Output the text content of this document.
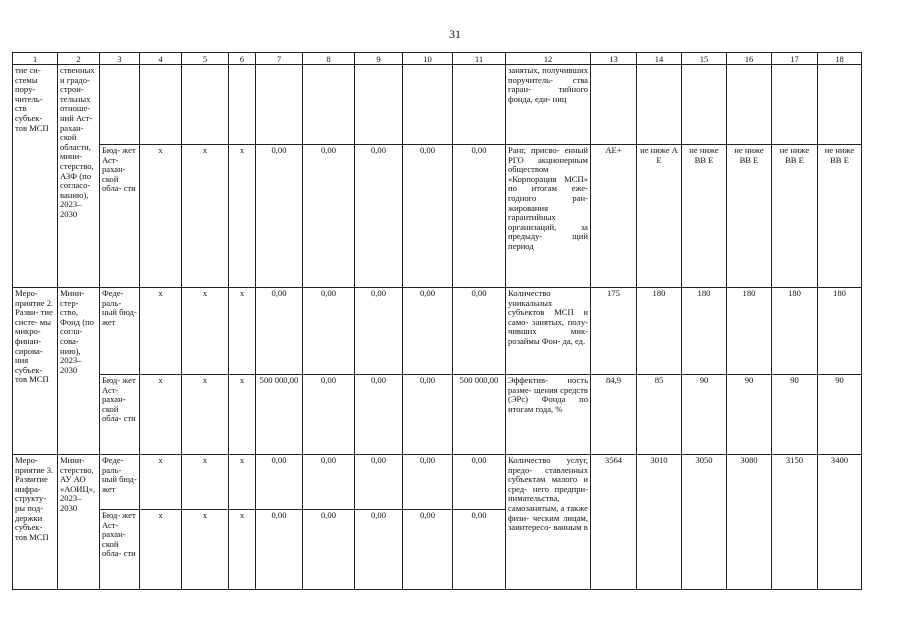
31
1	2	3	4	5	6	7	8	9	10	11	12	13	14	15	16	17	18
тие си- стемы пору- читель- ств субъек- тов МСП	ственных и градо- строи- тельных отноше- ний Аст- рахан- ской области, мини- стерство, АЗФ (по согласо- ванию), 2023–2030										занятых, получивших поручитель- ства гаран- тийного фонда, еди- ниц						
		Бюд- жет Аст- рахан- ской обла- сти	x	x	x	0,00	0,00	0,00	0,00	0,00	Ранг, присво- енный РГО акционерным обществом «Корпорация МСП» по итогам еже- годного ран- жирования гарантийных организаций, за предыду- щий период	AE+	не ниже А Е	не ниже ВВ Е	не ниже ВВ Е	не ниже ВВ Е	не ниже ВВ Е
Меро- приятие 2. Разви- тие систе- мы микро- финан- сирова- ния субъек- тов МСП	Мини- стер- ство, Фонд (по согла- сова- нию), 2023– 2030	Феде- раль- ный бюд- жет	x	x	x	0,00	0,00	0,00	0,00	0,00	Количество уникальных субъектов МСП и само- занятых, полу- чивших мик- розаймы Фон- да, ед.	175	180	180	180	180	180
		Бюд- жет Аст- рахан- ской обла- сти	x	x	x	500 000,00	0,00	0,00	0,00	500 000,00	Эффектив- ность разме- щения средств (ЭРс) Фонда по итогам года, %	84,9	85	90	90	90	90
Меро- приятие 3. Развитие инфра- структу- ры под- держки субъек- тов МСП	Мини- стерство, АУ АО «АОИЦ», 2023–2030	Феде- раль- ный бюд- жет	x	x	x	0,00	0,00	0,00	0,00	0,00	Количество услуг, предо- ставленных субъектам малого и сред- него предпри- нимательства, самозанятым, а также физи- ческим лицам, заинтересо- ванным в	3564	3010	3050	3080	3150	3400
		Бюд- жет Аст- рахан- ской обла- сти	x	x	x	0,00	0,00	0,00	0,00	0,00							
